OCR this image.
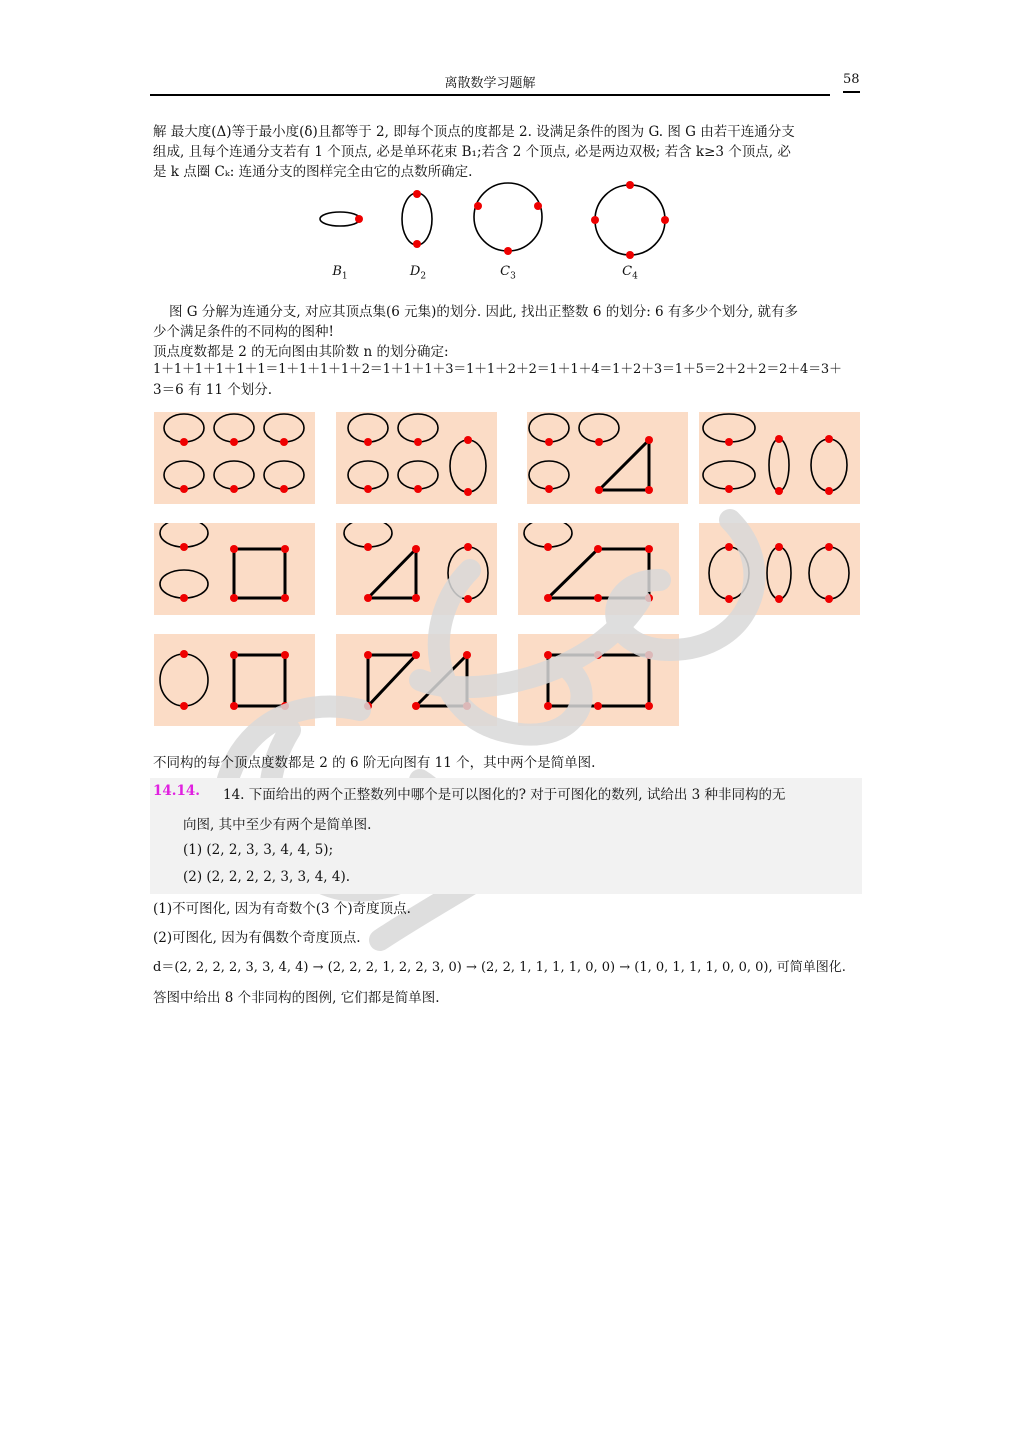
离散数学习题解	58
解 最大度(Δ)等于最小度(δ)且都等于 2, 即每个顶点的度都是 2. 设满足条件的图为 G. 图 G 由若干连通分支
组成, 且每个连通分支若有 1 个顶点, 必是单环花束 B₁;若含 2 个顶点, 必是两边双极; 若含 k≥3 个顶点, 必
是 k 点圈 Cₖ: 连通分支的图样完全由它的点数所确定.
$B_1$	$D_2$	$C_3$	$C_4$
图 G 分解为连通分支, 对应其顶点集(6 元集)的划分. 因此, 找出正整数 6 的划分: 6 有多少个划分, 就有多
少个满足条件的不同构的图种!
顶点度数都是 2 的无向图由其阶数 n 的划分确定:
1＋1＋1＋1＋1＋1＝1＋1＋1＋1＋2＝1＋1＋1＋3＝1＋1＋2＋2＝1＋1＋4＝1＋2＋3＝1＋5＝2＋2＋2＝2＋4＝3＋
3＝6 有 11 个划分.
不同构的每个顶点度数都是 2 的 6 阶无向图有 11 个，其中两个是简单图.
14.14. 14. 下面给出的两个正整数列中哪个是可以图化的? 对于可图化的数列, 试给出 3 种非同构的无
向图, 其中至少有两个是简单图.
(1) (2, 2, 3, 3, 4, 4, 5);
(2) (2, 2, 2, 2, 3, 3, 4, 4).
(1)不可图化, 因为有奇数个(3 个)奇度顶点.
(2)可图化, 因为有偶数个奇度顶点.
d＝(2, 2, 2, 2, 3, 3, 4, 4) → (2, 2, 2, 1, 2, 2, 3, 0) → (2, 2, 1, 1, 1, 1, 0, 0) → (1, 0, 1, 1, 1, 0, 0, 0), 可简单图化.
答图中给出 8 个非同构的图例, 它们都是简单图.
